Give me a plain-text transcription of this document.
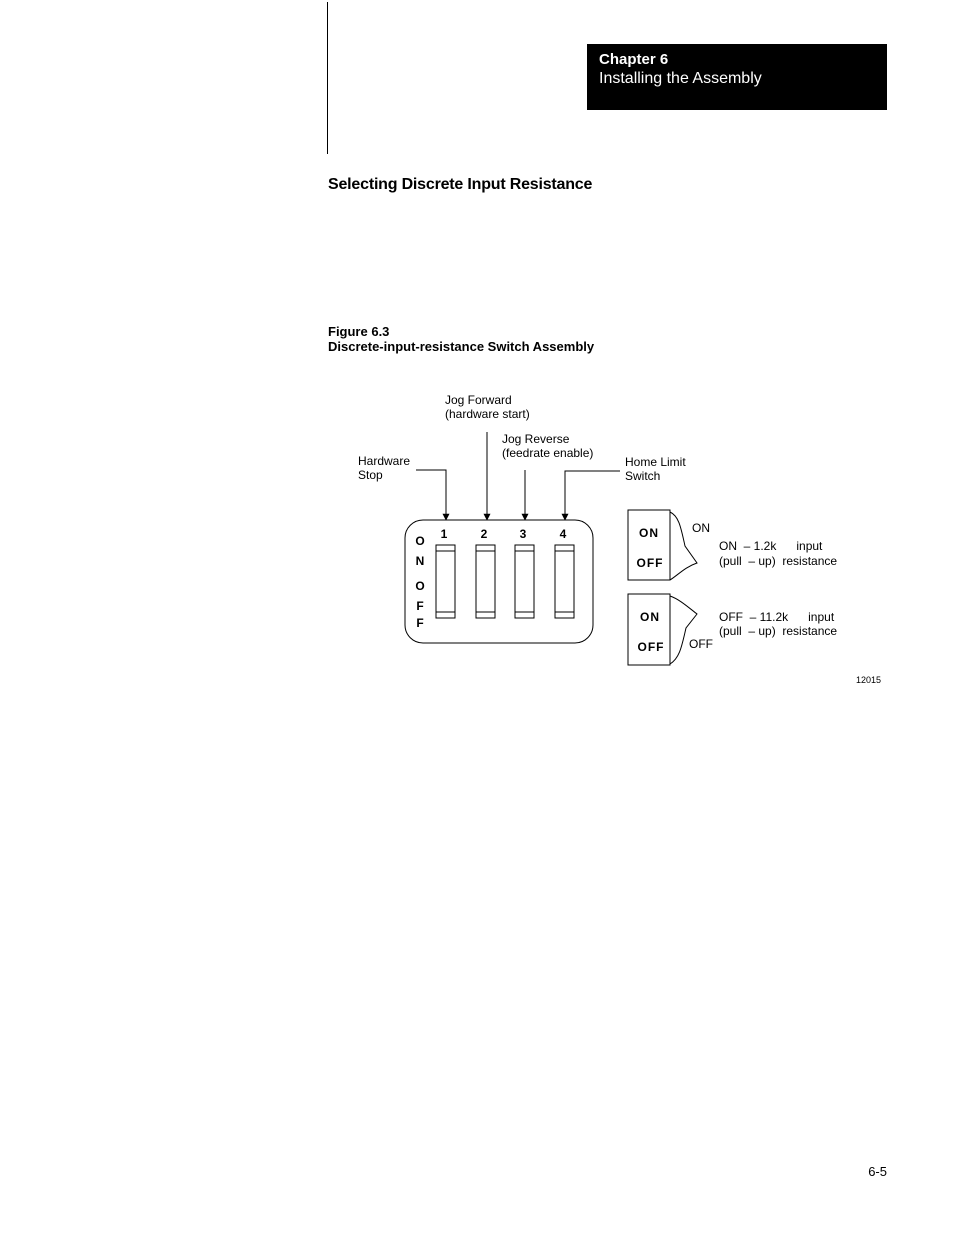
Chapter 6
Installing the Assembly
Selecting Discrete Input Resistance
Figure 6.3
Discrete-input-resistance Switch Assembly
Hardware
Stop
Jog Forward
(hardware start)
Jog Reverse
(feedrate enable)
Home Limit
Switch
1	2	3	4
O
N
O
F
F
ON
OFF
ON
ON  – 1.2k      input
(pull  – up)  resistance
ON
OFF OFF
OFF  – 11.2k      input
(pull  – up)  resistance
12015
6-5
